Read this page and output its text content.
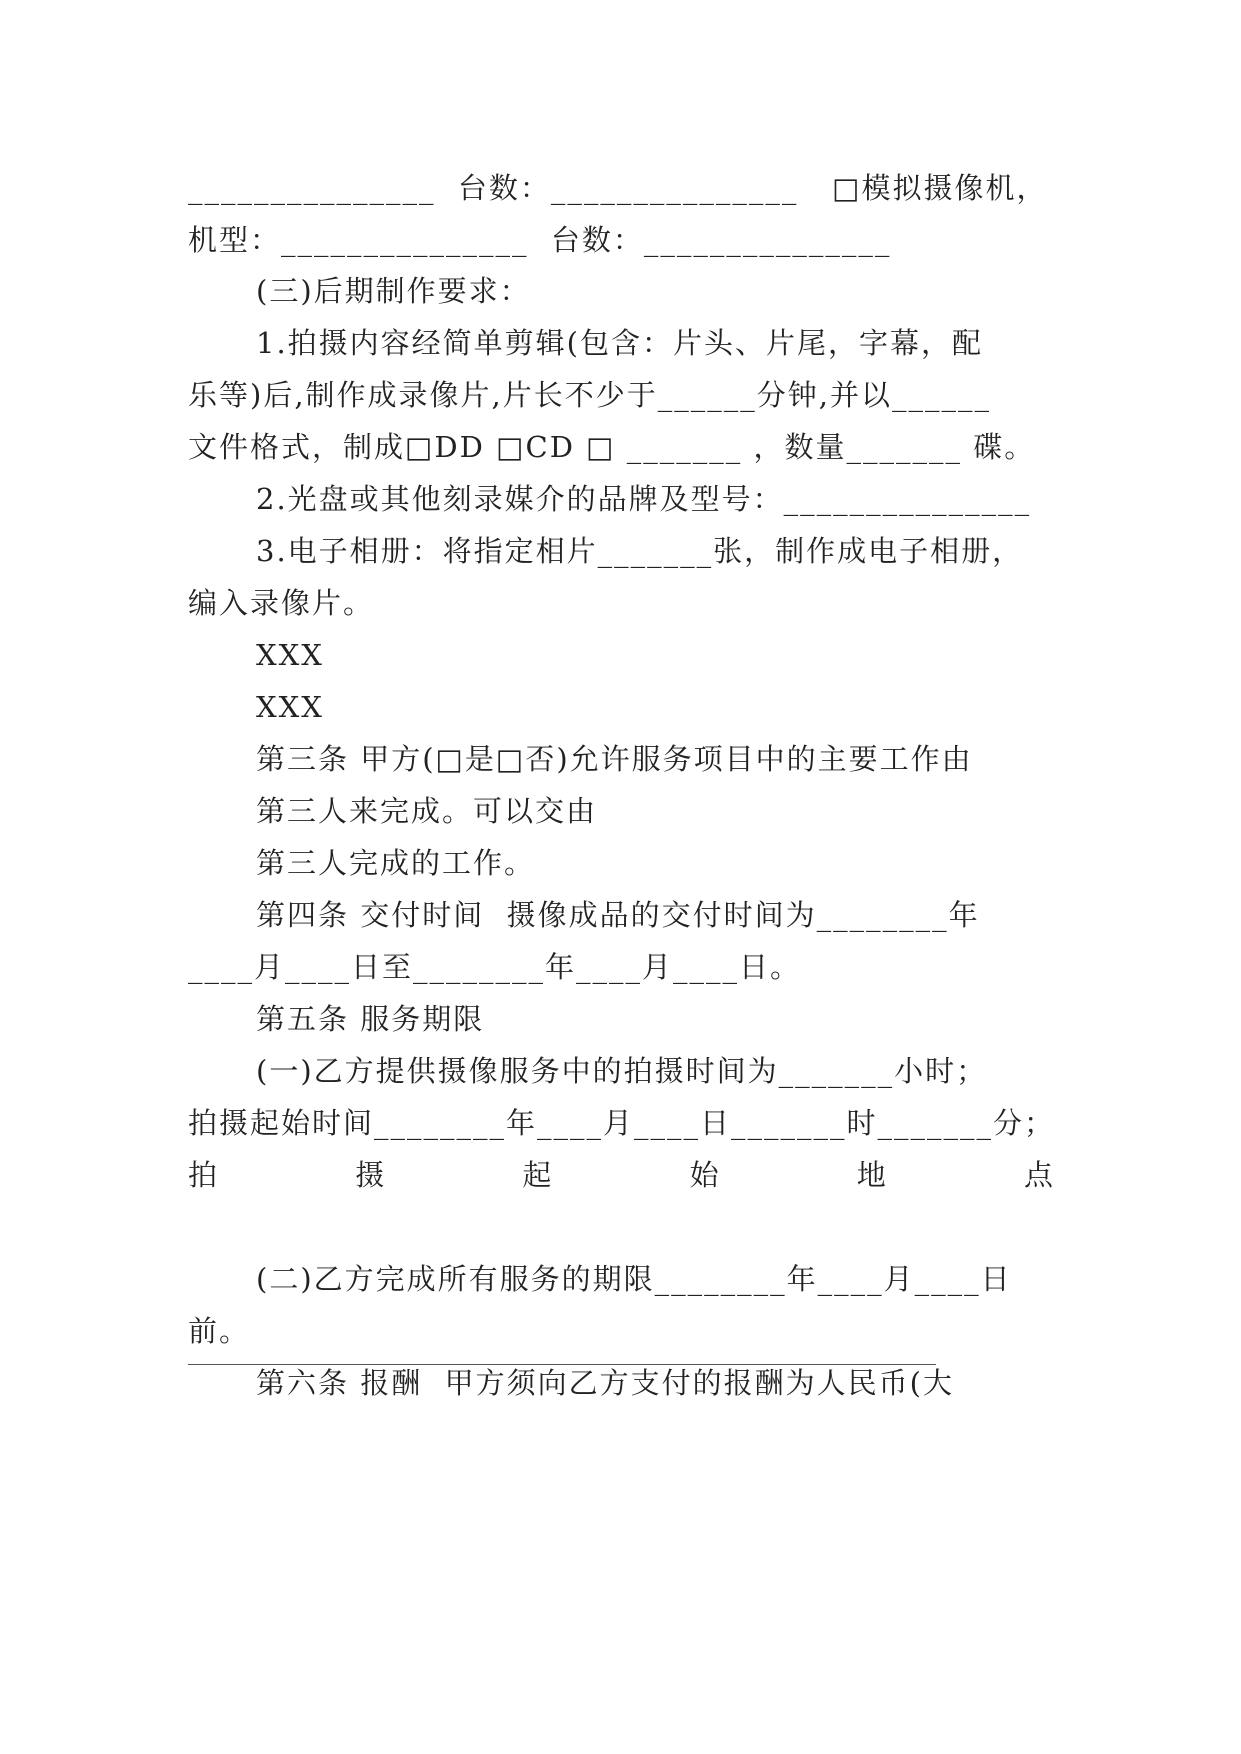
_______________  台数：_______________   □模拟摄像机，
机型：_______________  台数：_______________
(三)后期制作要求：
1.拍摄内容经简单剪辑(包含：片头、片尾，字幕，配
乐等)后,制作成录像片,片长不少于______分钟,并以______
文件格式，制成□DD □CD □ _______ ，数量_______ 碟。
2.光盘或其他刻录媒介的品牌及型号：_______________
3.电子相册：将指定相片_______张，制作成电子相册，
编入录像片。
XXX
XXX
第三条 甲方(□是□否)允许服务项目中的主要工作由
第三人来完成。可以交由
第三人完成的工作。
第四条 交付时间  摄像成品的交付时间为________年
____月____日至________年____月____日。
第五条 服务期限
(一)乙方提供摄像服务中的拍摄时间为_______小时；
拍摄起始时间________年____月____日_______时_______分；
拍	摄	起	始	地	点
(二)乙方完成所有服务的期限________年____月____日
前。
第六条 报酬  甲方须向乙方支付的报酬为人民币(大
